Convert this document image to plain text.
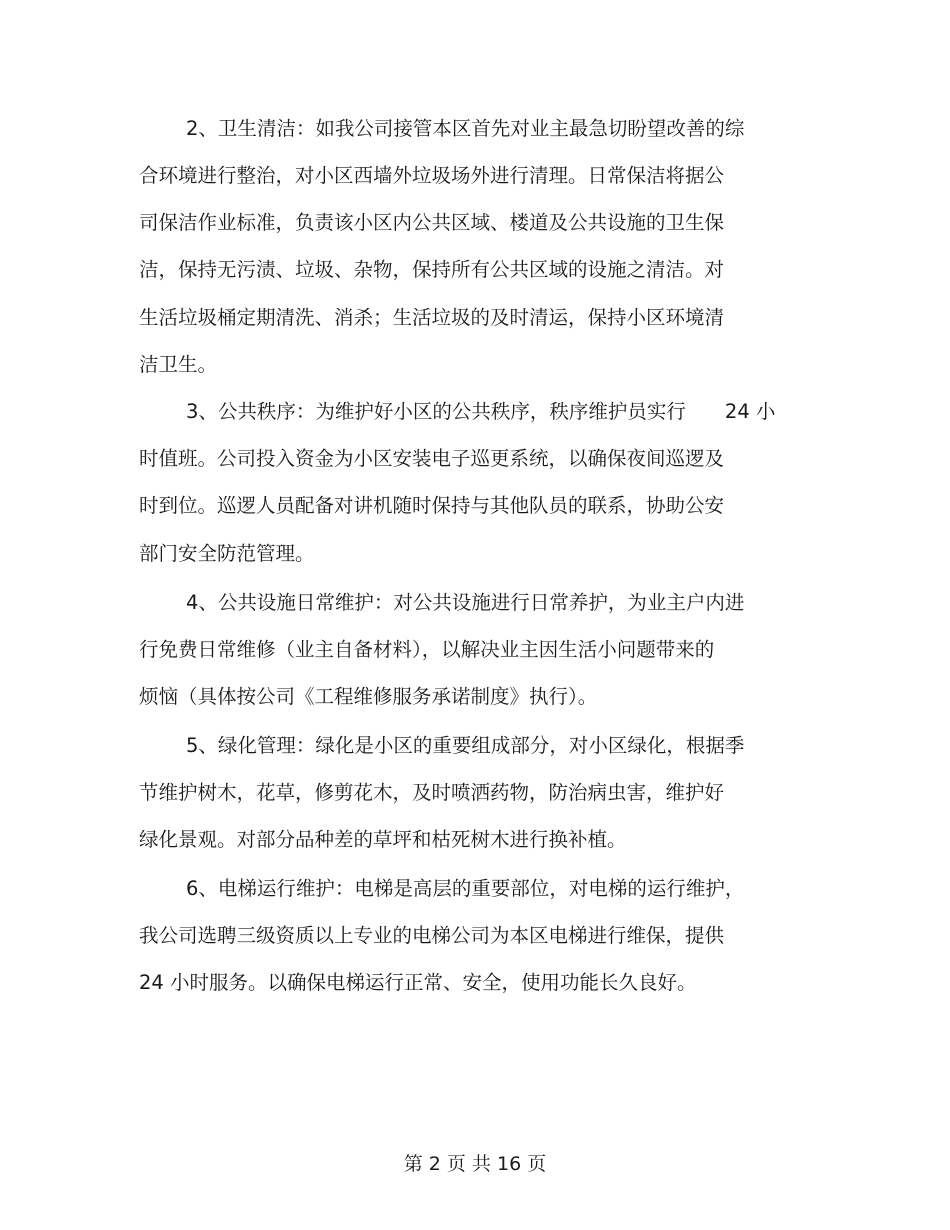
2、卫生清洁：如我公司接管本区首先对业主最急切盼望改善的综
合环境进行整治，对小区西墙外垃圾场外进行清理。日常保洁将据公
司保洁作业标准，负责该小区内公共区域、楼道及公共设施的卫生保
洁，保持无污渍、垃圾、杂物，保持所有公共区域的设施之清洁。对
生活垃圾桶定期清洗、消杀；生活垃圾的及时清运，保持小区环境清
洁卫生。
3、公共秩序：为维护好小区的公共秩序，秩序维护员实行　　24 小
时值班。公司投入资金为小区安装电子巡更系统，以确保夜间巡逻及
时到位。巡逻人员配备对讲机随时保持与其他队员的联系，协助公安
部门安全防范管理。
4、公共设施日常维护：对公共设施进行日常养护，为业主户内进
行免费日常维修（业主自备材料），以解决业主因生活小问题带来的
烦恼（具体按公司《工程维修服务承诺制度》执行）。
5、绿化管理：绿化是小区的重要组成部分，对小区绿化，根据季
节维护树木，花草，修剪花木，及时喷洒药物，防治病虫害，维护好
绿化景观。对部分品种差的草坪和枯死树木进行换补植。
6、电梯运行维护：电梯是高层的重要部位，对电梯的运行维护，
我公司选聘三级资质以上专业的电梯公司为本区电梯进行维保，提供
24 小时服务。以确保电梯运行正常、安全，使用功能长久良好。
第 2 页 共 16 页
